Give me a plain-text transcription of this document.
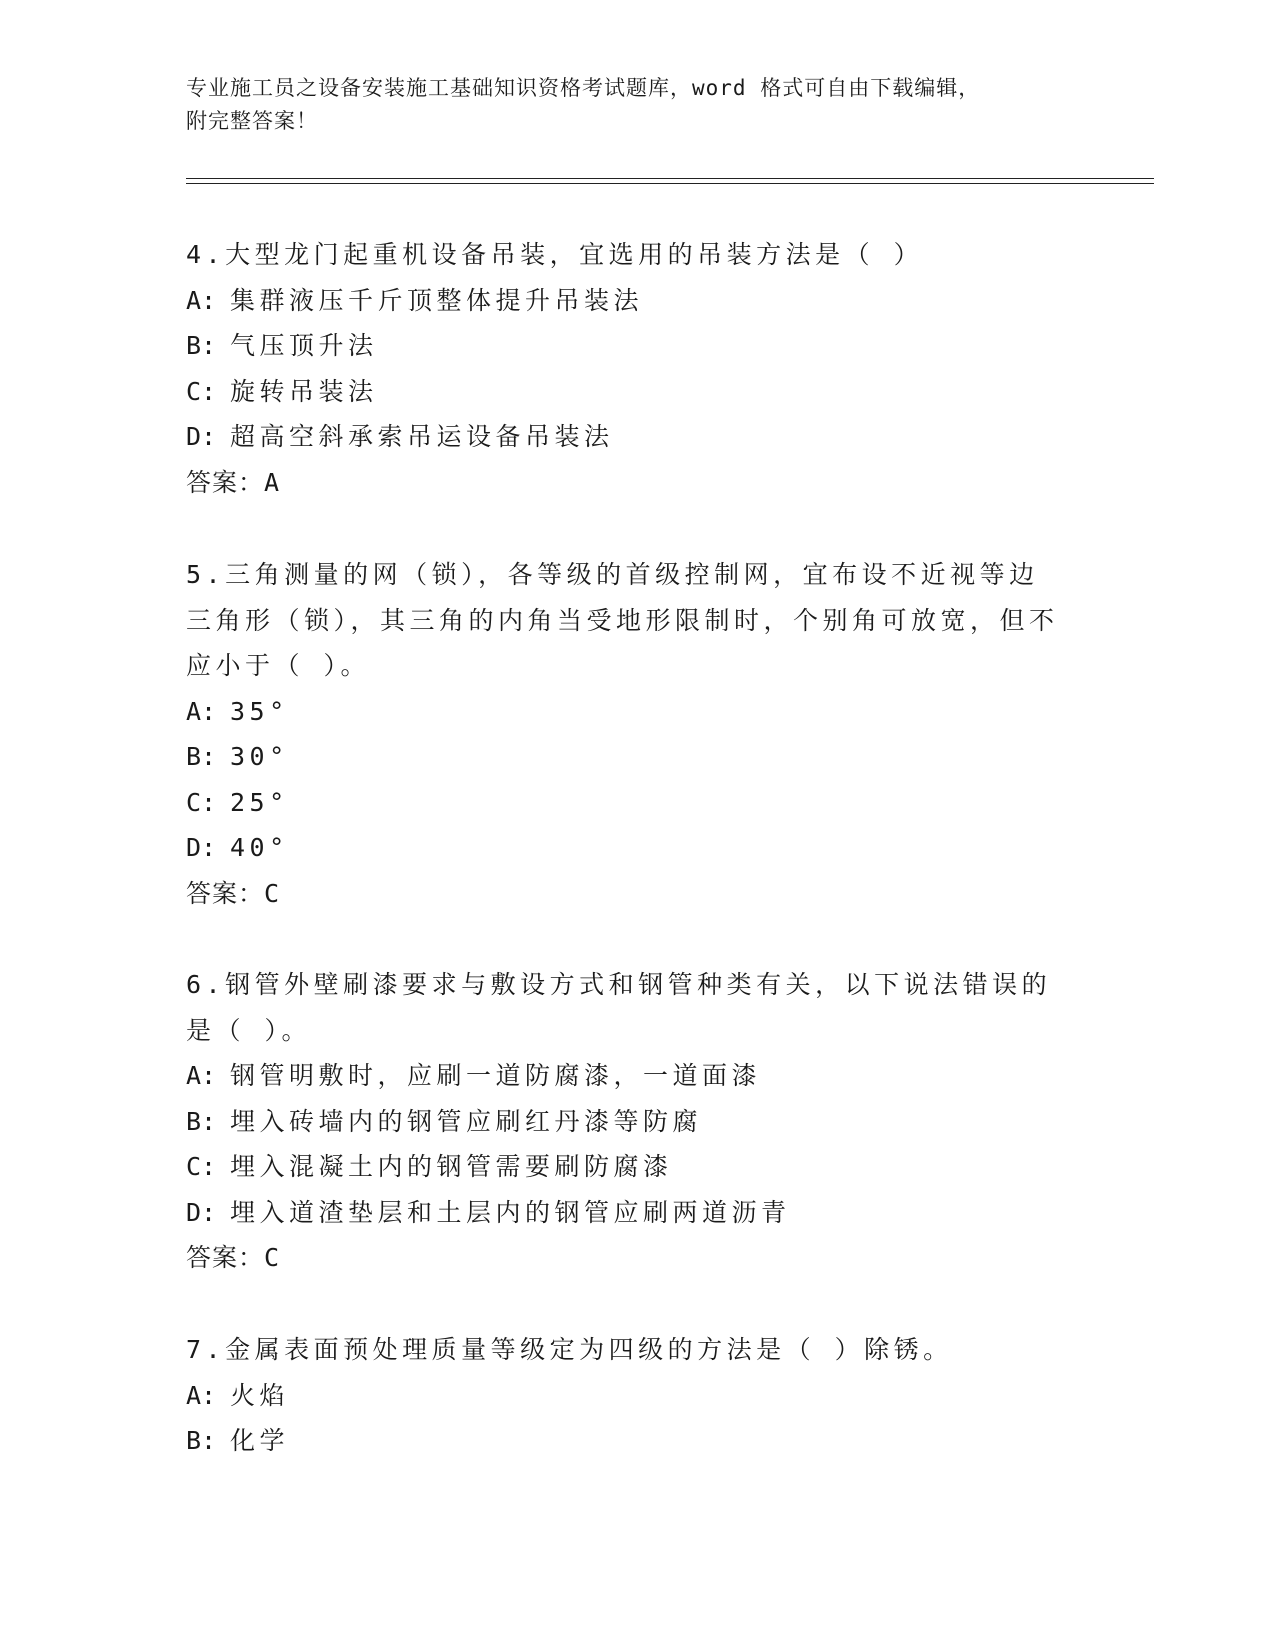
专业施工员之设备安装施工基础知识资格考试题库，word 格式可自由下载编辑，
附完整答案！

4.大型龙门起重机设备吊装，宜选用的吊装方法是（ ）

A: 集群液压千斤顶整体提升吊装法

B: 气压顶升法

C: 旋转吊装法

D: 超高空斜承索吊运设备吊装法

答案：A

5.三角测量的网（锁），各等级的首级控制网，宜布设不近视等边三角形（锁），其三角的内角当受地形限制时，个别角可放宽，但不应小于（ ）。

A: 35°

B: 30°

C: 25°

D: 40°

答案：C

6.钢管外壁刷漆要求与敷设方式和钢管种类有关，以下说法错误的是（ ）。

A: 钢管明敷时，应刷一道防腐漆，一道面漆

B: 埋入砖墙内的钢管应刷红丹漆等防腐

C: 埋入混凝土内的钢管需要刷防腐漆

D: 埋入道渣垫层和土层内的钢管应刷两道沥青

答案：C

7.金属表面预处理质量等级定为四级的方法是（ ）除锈。

A: 火焰

B: 化学
